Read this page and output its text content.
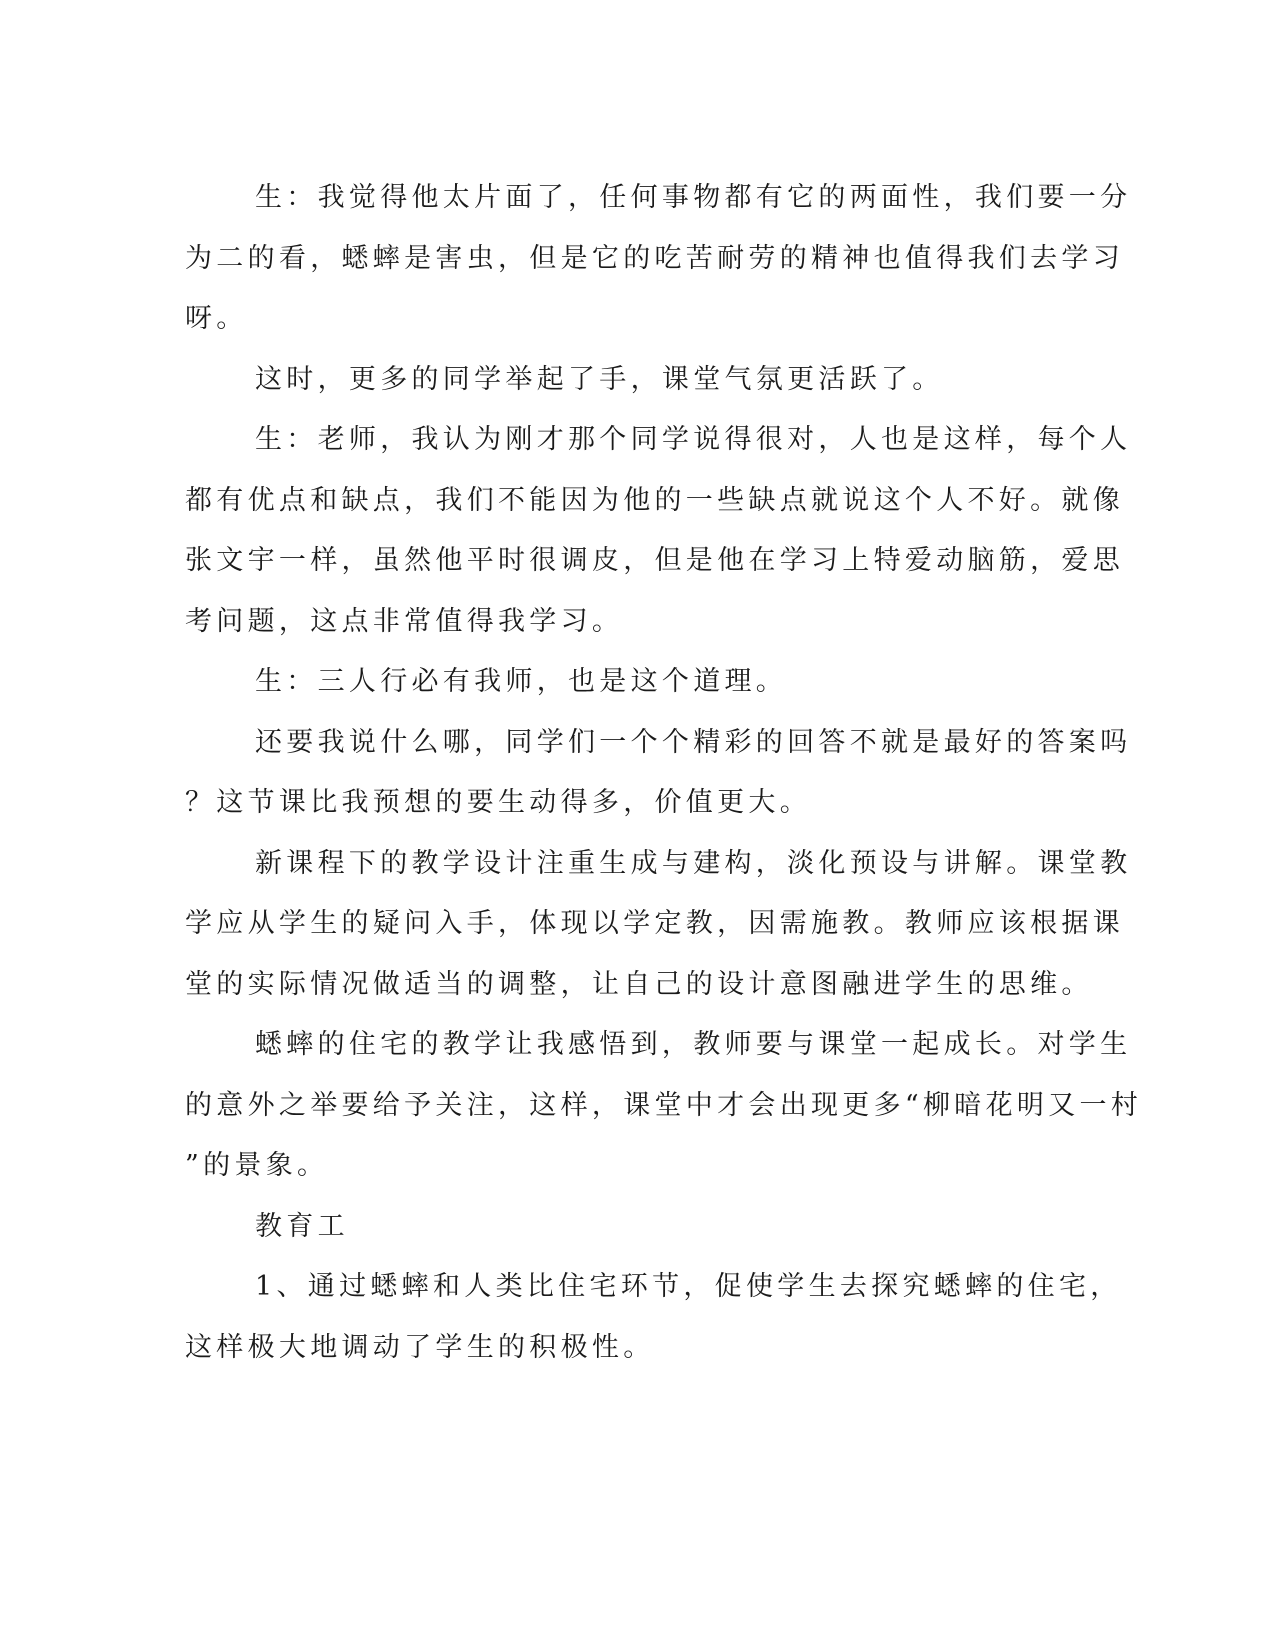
生：我觉得他太片面了，任何事物都有它的两面性，我们要一分
为二的看，蟋蟀是害虫，但是它的吃苦耐劳的精神也值得我们去学习
呀。

这时，更多的同学举起了手，课堂气氛更活跃了。

生：老师，我认为刚才那个同学说得很对，人也是这样，每个人
都有优点和缺点，我们不能因为他的一些缺点就说这个人不好。就像
张文宇一样，虽然他平时很调皮，但是他在学习上特爱动脑筋，爱思
考问题，这点非常值得我学习。

生：三人行必有我师，也是这个道理。

还要我说什么哪，同学们一个个精彩的回答不就是最好的答案吗
？这节课比我预想的要生动得多，价值更大。

新课程下的教学设计注重生成与建构，淡化预设与讲解。课堂教
学应从学生的疑问入手，体现以学定教，因需施教。教师应该根据课
堂的实际情况做适当的调整，让自己的设计意图融进学生的思维。

蟋蟀的住宅的教学让我感悟到，教师要与课堂一起成长。对学生
的意外之举要给予关注，这样，课堂中才会出现更多“柳暗花明又一村
”的景象。

教育工

1、通过蟋蟀和人类比住宅环节，促使学生去探究蟋蟀的住宅，
这样极大地调动了学生的积极性。
